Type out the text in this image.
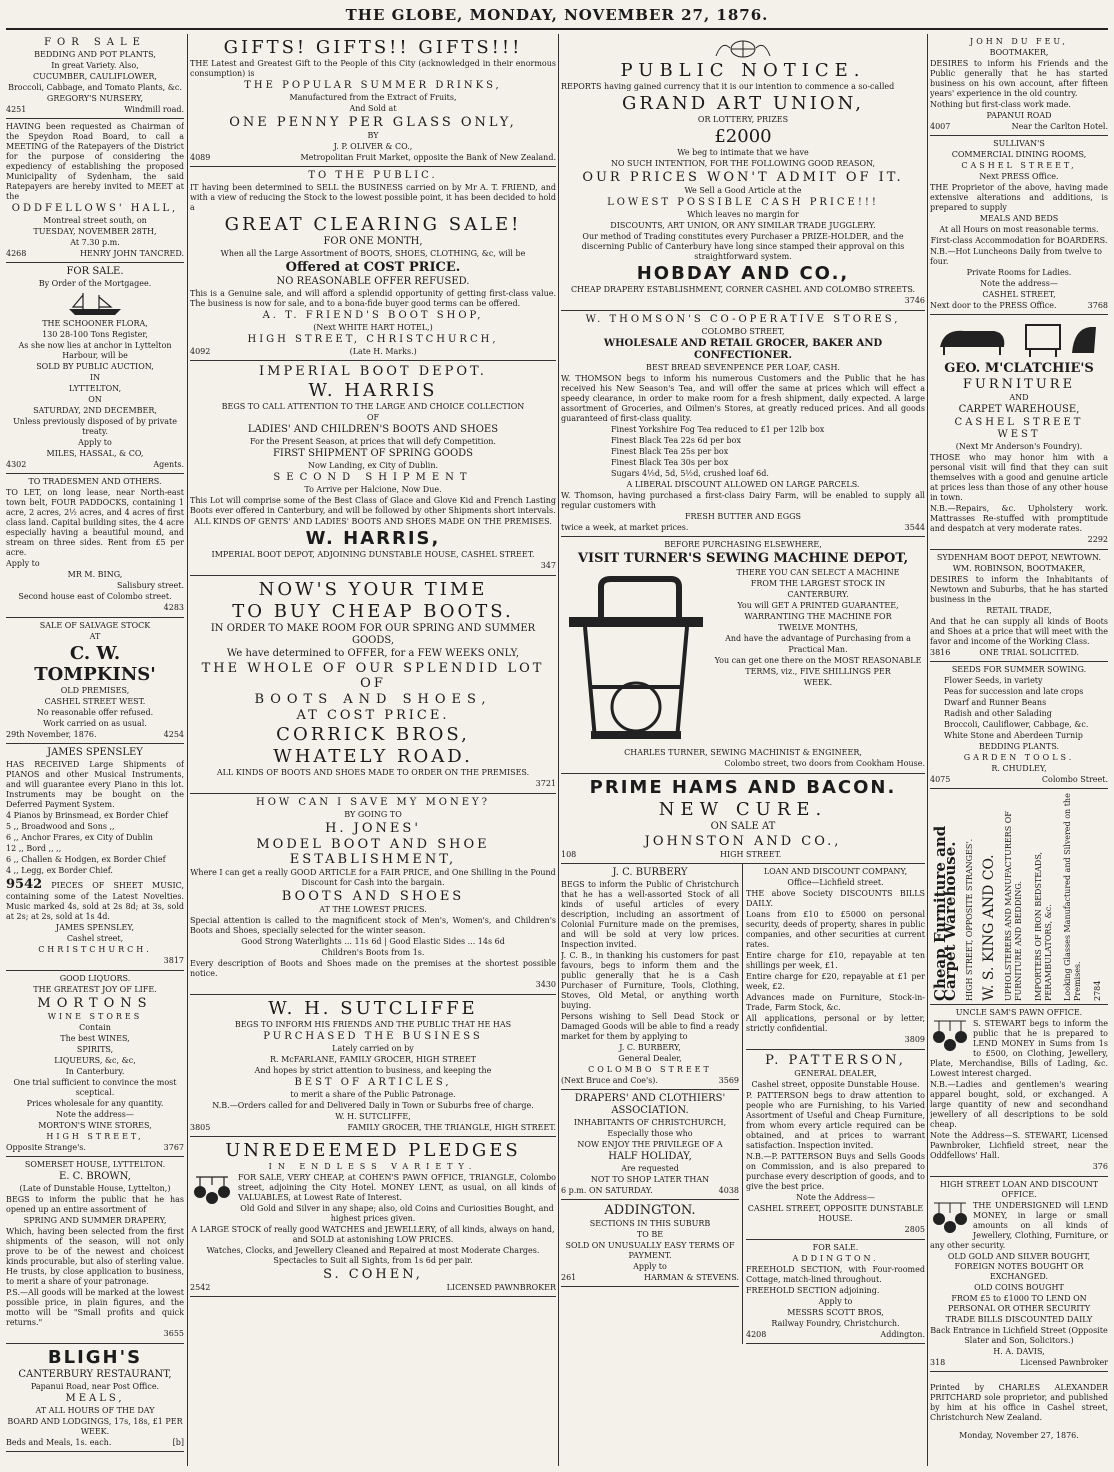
THE GLOBE, MONDAY, NOVEMBER 27, 1876.

FOR SALE

BEDDING AND POT PLANTS,

In great Variety. Also,

CUCUMBER, CAULIFLOWER,

Broccoli, Cabbage, and Tomato Plants, &c.

GREGORY'S NURSERY,

4251	Windmill road.

HAVING been requested as Chairman of the Speydon Road Board, to call a MEETING of the Ratepayers of the District for the purpose of considering the expediency of establishing the proposed Municipality of Sydenham, the said Ratepayers are hereby invited to MEET at the

ODDFELLOWS' HALL,

Montreal street south, on

TUESDAY, NOVEMBER 28TH,

At 7.30 p.m.

4268	HENRY JOHN TANCRED.

FOR SALE.

By Order of the Mortgagee.

THE SCHOONER FLORA,

130 28-100 Tons Register,

As she now lies at anchor in Lyttelton Harbour, will be

SOLD BY PUBLIC AUCTION,

IN

LYTTELTON,

ON

SATURDAY, 2ND DECEMBER,

Unless previously disposed of by private treaty.

Apply to

MILES, HASSAL, & CO,

4302	Agents.

TO TRADESMEN AND OTHERS.

TO LET, on long lease, near North-east town belt, FOUR PADDOCKS, containing 1 acre, 2 acres, 2½ acres, and 4 acres of first class land. Capital building sites, the 4 acre especially having a beautiful mound, and stream on three sides. Rent from £5 per acre.

Apply to

MR M. BING,

Salisbury street.

Second house east of Colombo street.

4283

SALE OF SALVAGE STOCK

AT

C. W. TOMPKINS'

OLD PREMISES,

CASHEL STREET WEST.

No reasonable offer refused.

Work carried on as usual.

29th November, 1876.	4254

JAMES SPENSLEY

HAS RECEIVED Large Shipments of PIANOS and other Musical Instruments, and will guarantee every Piano in this lot. Instruments may be bought on the Deferred Payment System.

4 Pianos by Brinsmead, ex Border Chief

5 ,, Broadwood and Sons ,,

6 ,, Anchor Frares, ex City of Dublin

12 ,, Bord ,, ,,

6 ,, Challen & Hodgen, ex Border Chief

4 ,, Legg, ex Border Chief.

9542 PIECES OF SHEET MUSIC, containing some of the Latest Novelties. Music marked 4s, sold at 2s 8d; at 3s, sold at 2s; at 2s, sold at 1s 4d.

JAMES SPENSLEY,

Cashel street,

CHRISTCHURCH.

3817

GOOD LIQUORS.

THE GREATEST JOY OF LIFE.

MORTONS

WINE STORES

Contain

The best WINES,

SPIRITS,

LIQUEURS, &c, &c,

In Canterbury.

One trial sufficient to convince the most sceptical.

Prices wholesale for any quantity.

Note the address—

MORTON'S WINE STORES,

HIGH STREET,

Opposite Strange's.	3767

SOMERSET HOUSE, LYTTELTON.

E. C. BROWN,

(Late of Dunstable House, Lyttelton,)

BEGS to inform the public that he has opened up an entire assortment of

SPRING AND SUMMER DRAPERY,

Which, having been selected from the first shipments of the season, will not only prove to be of the newest and choicest kinds procurable, but also of sterling value. He trusts, by close application to business, to merit a share of your patronage.

P.S.—All goods will be marked at the lowest possible price, in plain figures, and the motto will be "Small profits and quick returns."

3655

BLIGH'S

CANTERBURY RESTAURANT,

Papanui Road, near Post Office.

MEALS,

AT ALL HOURS OF THE DAY

BOARD AND LODGINGS, 17s, 18s, £1 PER WEEK.

Beds and Meals, 1s. each.	[b]

GIFTS! GIFTS!! GIFTS!!!

THE Latest and Greatest Gift to the People of this City (acknowledged in their enormous consumption) is

THE POPULAR SUMMER DRINKS,

Manufactured from the Extract of Fruits,

And Sold at

ONE PENNY PER GLASS ONLY,

BY

J. P. OLIVER & CO.,

4089	Metropolitan Fruit Market, opposite the Bank of New Zealand.

TO THE PUBLIC.

IT having been determined to SELL the BUSINESS carried on by Mr A. T. FRIEND, and with a view of reducing the Stock to the lowest possible point, it has been decided to hold a

GREAT CLEARING SALE!

FOR ONE MONTH,

When all the Large Assortment of BOOTS, SHOES, CLOTHING, &c, will be

Offered at COST PRICE.

NO REASONABLE OFFER REFUSED.

This is a Genuine sale, and will afford a splendid opportunity of getting first-class value. The business is now for sale, and to a bona-fide buyer good terms can be offered.

A. T. FRIEND'S BOOT SHOP,

(Next WHITE HART HOTEL,)

HIGH STREET, CHRISTCHURCH,

4092	(Late H. Marks.)

IMPERIAL BOOT DEPOT.

W. HARRIS

BEGS TO CALL ATTENTION TO THE LARGE AND CHOICE COLLECTION

OF

LADIES' AND CHILDREN'S BOOTS AND SHOES

For the Present Season, at prices that will defy Competition.

FIRST SHIPMENT OF SPRING GOODS

Now Landing, ex City of Dublin.

SECOND SHIPMENT

To Arrive per Halcione, Now Due.

This Lot will comprise some of the Best Class of Glace and Glove Kid and French Lasting Boots ever offered in Canterbury, and will be followed by other Shipments short intervals.

ALL KINDS OF GENTS' AND LADIES' BOOTS AND SHOES MADE ON THE PREMISES.

W. HARRIS,

IMPERIAL BOOT DEPOT, ADJOINING DUNSTABLE HOUSE, CASHEL STREET.

347

NOW'S YOUR TIME

TO BUY CHEAP BOOTS.

IN ORDER TO MAKE ROOM FOR OUR SPRING AND SUMMER GOODS,

We have determined to OFFER, for a FEW WEEKS ONLY,

THE WHOLE OF OUR SPLENDID LOT OF

BOOTS AND SHOES,

AT COST PRICE.

CORRICK BROS,

WHATELY ROAD.

ALL KINDS OF BOOTS AND SHOES MADE TO ORDER ON THE PREMISES.

3721

HOW CAN I SAVE MY MONEY?

BY GOING TO

H. JONES'

MODEL BOOT AND SHOE ESTABLISHMENT,

Where I can get a really GOOD ARTICLE for a FAIR PRICE, and One Shilling in the Pound Discount for Cash into the bargain.

BOOTS AND SHOES

AT THE LOWEST PRICES.

Special attention is called to the magnificent stock of Men's, Women's, and Children's Boots and Shoes, specially selected for the winter season.

Good Strong Waterlights ... 11s 6d | Good Elastic Sides ... 14s 6d

Children's Boots from 1s.

Every description of Boots and Shoes made on the premises at the shortest possible notice.

3430

W. H. SUTCLIFFE

BEGS TO INFORM HIS FRIENDS AND THE PUBLIC THAT HE HAS

PURCHASED THE BUSINESS

Lately carried on by

R. McFARLANE, FAMILY GROCER, HIGH STREET

And hopes by strict attention to business, and keeping the

BEST OF ARTICLES,

to merit a share of the Public Patronage.

N.B.—Orders called for and Delivered Daily in Town or Suburbs free of charge.

W. H. SUTCLIFFE,

3805	FAMILY GROCER, THE TRIANGLE, HIGH STREET.

UNREDEEMED PLEDGES

IN ENDLESS VARIETY.

FOR SALE, VERY CHEAP, at COHEN'S PAWN OFFICE, TRIANGLE, Colombo street, adjoining the City Hotel. MONEY LENT, as usual, on all kinds of VALUABLES, at Lowest Rate of Interest.

Old Gold and Silver in any shape; also, old Coins and Curiosities Bought, and highest prices given.

A LARGE STOCK of really good WATCHES and JEWELLERY, of all kinds, always on hand, and SOLD at astonishing LOW PRICES.

Watches, Clocks, and Jewellery Cleaned and Repaired at most Moderate Charges. Spectacles to Suit all Sights, from 1s 6d per pair.

S. COHEN,

2542	LICENSED PAWNBROKER

PUBLIC NOTICE.

REPORTS having gained currency that it is our intention to commence a so-called

GRAND ART UNION,

OR LOTTERY, PRIZES

£2000

We beg to intimate that we have

NO SUCH INTENTION, FOR THE FOLLOWING GOOD REASON,

OUR PRICES WON'T ADMIT OF IT.

We Sell a Good Article at the

LOWEST POSSIBLE CASH PRICE!!!

Which leaves no margin for

DISCOUNTS, ART UNION, OR ANY SIMILAR TRADE JUGGLERY.

Our method of Trading constitutes every Purchaser a PRIZE-HOLDER, and the discerning Public of Canterbury have long since stamped their approval on this straightforward system.

HOBDAY AND CO.,

CHEAP DRAPERY ESTABLISHMENT, CORNER CASHEL AND COLOMBO STREETS.

3746

W. THOMSON'S CO-OPERATIVE STORES,

COLOMBO STREET,

WHOLESALE AND RETAIL GROCER, BAKER AND CONFECTIONER.

BEST BREAD SEVENPENCE PER LOAF, CASH.

W. THOMSON begs to inform his numerous Customers and the Public that he has received his New Season's Tea, and will offer the same at prices which will effect a speedy clearance, in order to make room for a fresh shipment, daily expected. A large assortment of Groceries, and Oilmen's Stores, at greatly reduced prices. And all goods guaranteed of first-class quality.

Finest Yorkshire Fog Tea reduced to £1 per 12lb box

Finest Black Tea 22s 6d per box

Finest Black Tea 25s per box

Finest Black Tea 30s per box

Sugars 4½d, 5d, 5½d, crushed loaf 6d.

A LIBERAL DISCOUNT ALLOWED ON LARGE PARCELS.

W. Thomson, having purchased a first-class Dairy Farm, will be enabled to supply all regular customers with

FRESH BUTTER AND EGGS

twice a week, at market prices.	3544

BEFORE PURCHASING ELSEWHERE,

VISIT TURNER'S SEWING MACHINE DEPOT,

THERE YOU CAN SELECT A MACHINE

FROM THE LARGEST STOCK IN

CANTERBURY.

You will GET A PRINTED GUARANTEE,

WARRANTING THE MACHINE FOR

TWELVE MONTHS,

And have the advantage of Purchasing from a

Practical Man.

You can get one there on the MOST REASONABLE

TERMS, viz., FIVE SHILLINGS PER

WEEK.

CHARLES TURNER, SEWING MACHINIST & ENGINEER,

Colombo street, two doors from Cookham House.

PRIME HAMS AND BACON.

NEW CURE.

ON SALE AT

JOHNSTON AND CO.,

108	HIGH STREET.

J. C. BURBERY

BEGS to inform the Public of Christchurch that he has a well-assorted Stock of all kinds of useful articles of every description, including an assortment of Colonial Furniture made on the premises, and will be sold at very low prices. Inspection invited.

J. C. B., in thanking his customers for past favours, begs to inform them and the public generally that he is a Cash Purchaser of Furniture, Tools, Clothing, Stoves, Old Metal, or anything worth buying.

Persons wishing to Sell Dead Stock or Damaged Goods will be able to find a ready market for them by applying to

J. C. BURBERY,

General Dealer,

COLOMBO STREET

(Next Bruce and Coe's).	3569

DRAPERS' AND CLOTHIERS' ASSOCIATION.

INHABITANTS OF CHRISTCHURCH,

Especially those who

NOW ENJOY THE PRIVILEGE OF A

HALF HOLIDAY,

Are requested

NOT TO SHOP LATER THAN

6 p.m. ON SATURDAY.	4038

ADDINGTON.

SECTIONS IN THIS SUBURB

TO BE

SOLD ON UNUSUALLY EASY TERMS OF PAYMENT.

Apply to

261	HARMAN & STEVENS.

LOAN AND DISCOUNT COMPANY,

Office—Lichfield street.

THE above Society DISCOUNTS BILLS DAILY.

Loans from £10 to £5000 on personal security, deeds of property, shares in public companies, and other securities at current rates.

Entire charge for £10, repayable at ten shillings per week, £1.

Entire charge for £20, repayable at £1 per week, £2.

Advances made on Furniture, Stock-in-Trade, Farm Stock, &c.

All applications, personal or by letter, strictly confidential.

3809

P. PATTERSON,

GENERAL DEALER,

Cashel street, opposite Dunstable House.

P. PATTERSON begs to draw attention to people who are Furnishing, to his Varied Assortment of Useful and Cheap Furniture, from whom every article required can be obtained, and at prices to warrant satisfaction. Inspection invited.

N.B.—P. PATTERSON Buys and Sells Goods on Commission, and is also prepared to purchase every description of goods, and to give the best price.

Note the Address—

CASHEL STREET, OPPOSITE DUNSTABLE HOUSE.

2805

FOR SALE.

ADDINGTON.

FREEHOLD SECTION, with Four-roomed Cottage, match-lined throughout.

FREEHOLD SECTION adjoining.

Apply to

MESSRS SCOTT BROS,

Railway Foundry, Christchurch.

4208	Addington.

JOHN DU FEU,

BOOTMAKER,

DESIRES to inform his Friends and the Public generally that he has started business on his own account, after fifteen years' experience in the old country.

Nothing but first-class work made.

PAPANUI ROAD

4007	Near the Carlton Hotel.

SULLIVAN'S

COMMERCIAL DINING ROOMS,

CASHEL STREET,

Next PRESS Office.

THE Proprietor of the above, having made extensive alterations and additions, is prepared to supply

MEALS AND BEDS

At all Hours on most reasonable terms.

First-class Accommodation for BOARDERS.

N.B.—Hot Luncheons Daily from twelve to four.

Private Rooms for Ladies.

Note the address—

CASHEL STREET,

Next door to the PRESS Office.	3768

GEO. M'CLATCHIE'S

FURNITURE

AND

CARPET WAREHOUSE,

CASHEL STREET WEST

(Next Mr Anderson's Foundry).

THOSE who may honor him with a personal visit will find that they can suit themselves with a good and genuine article at prices less than those of any other house in town.

N.B.—Repairs, &c. Upholstery work. Mattrasses Re-stuffed with promptitude and despatch at very moderate rates.

2292

SYDENHAM BOOT DEPOT, NEWTOWN.

WM. ROBINSON, BOOTMAKER,

DESIRES to inform the Inhabitants of Newtown and Suburbs, that he has started business in the

RETAIL TRADE,

And that he can supply all kinds of Boots and Shoes at a price that will meet with the favor and income of the Working Class.

3816	ONE TRIAL SOLICITED.

SEEDS FOR SUMMER SOWING.

Flower Seeds, in variety

Peas for succession and late crops

Dwarf and Runner Beans

Radish and other Salading

Broccoli, Cauliflower, Cabbage, &c.

White Stone and Aberdeen Turnip

BEDDING PLANTS.

GARDEN TOOLS.

R. CHUDLEY,

4075	Colombo Street.
Cheap Furniture and Carpet Warehouse. HIGH STREET, OPPOSITE STRANGES'. W. S. KING AND CO. UPHOLSTERERS AND MANUFACTURERS OF FURNITURE AND BEDDING. IMPORTERS OF IRON BEDSTEADS, PERAMBULATORS, &c. Looking Glasses Manufactured and Silvered on the Premises. 2784

UNCLE SAM'S PAWN OFFICE.

S. STEWART begs to inform the public that he is prepared to LEND MONEY in Sums from 1s to £500, on Clothing, Jewellery, Plate, Merchandise, Bills of Lading, &c. Lowest interest charged.

N.B.—Ladies and gentlemen's wearing apparel bought, sold, or exchanged. A large quantity of new and secondhand jewellery of all descriptions to be sold cheap.

Note the Address—S. STEWART, Licensed Pawnbroker, Lichfield street, near the Oddfellows' Hall.

376

HIGH STREET LOAN AND DISCOUNT OFFICE.

THE UNDERSIGNED will LEND MONEY, in large or small amounts on all kinds of Jewellery, Clothing, Furniture, or any other security.

OLD GOLD AND SILVER BOUGHT, FOREIGN NOTES BOUGHT OR EXCHANGED.

OLD COINS BOUGHT

FROM £5 to £1000 TO LEND ON PERSONAL OR OTHER SECURITY

TRADE BILLS DISCOUNTED DAILY

Back Entrance in Lichfield Street (Opposite Slater and Son, Solicitors.)

H. A. DAVIS,

318	Licensed Pawnbroker

Printed by CHARLES ALEXANDER PRITCHARD sole proprietor, and published by him at his office in Cashel street, Christchurch New Zealand.

Monday, November 27, 1876.
